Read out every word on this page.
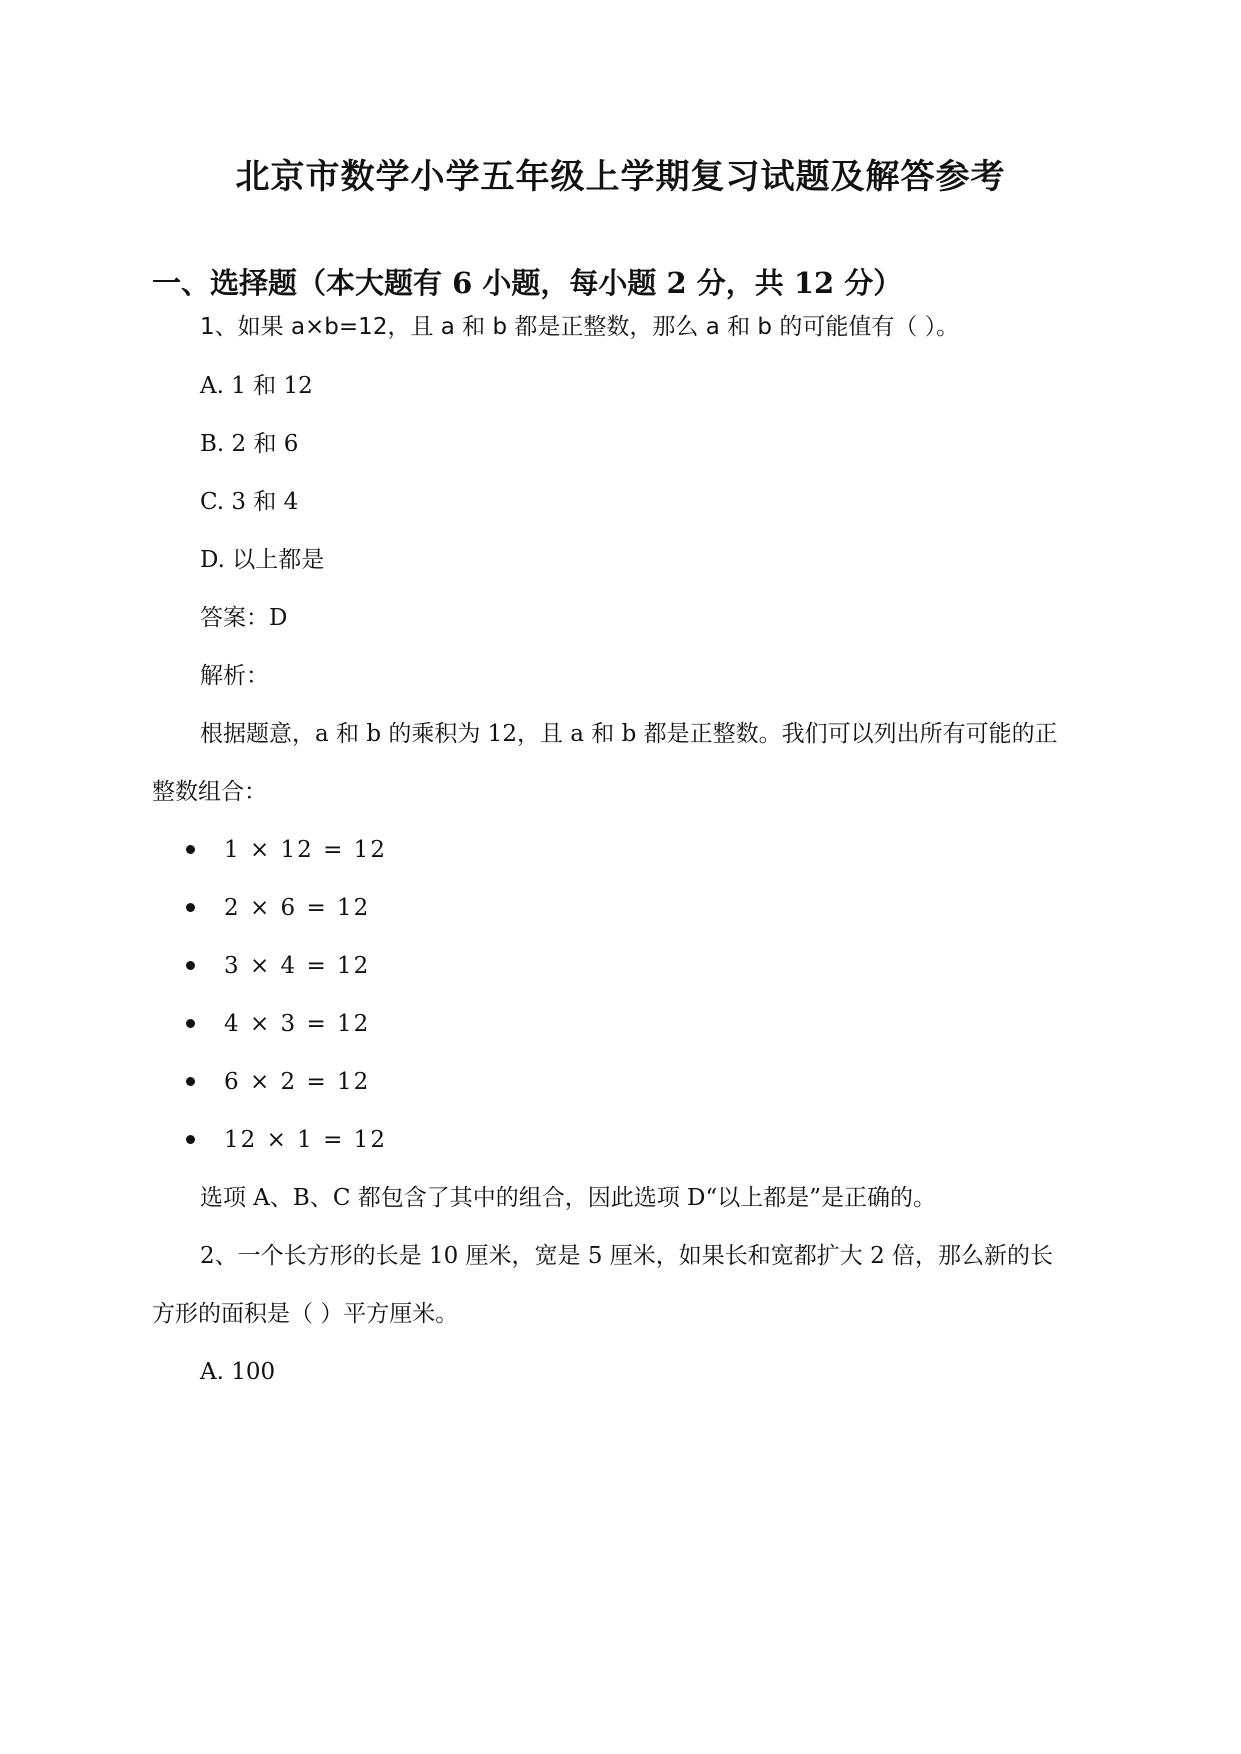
北京市数学小学五年级上学期复习试题及解答参考
一、选择题（本大题有 6 小题，每小题 2 分，共 12 分）
1、如果 a×b=12，且 a 和 b 都是正整数，那么 a 和 b 的可能值有（ ）。
A. 1 和 12
B. 2 和 6
C. 3 和 4
D. 以上都是
答案：D
解析：
根据题意，a 和 b 的乘积为 12，且 a 和 b 都是正整数。我们可以列出所有可能的正
整数组合：
1 × 12 = 12
2 × 6 = 12
3 × 4 = 12
4 × 3 = 12
6 × 2 = 12
12 × 1 = 12
选项 A、B、C 都包含了其中的组合，因此选项 D“以上都是”是正确的。
2、一个长方形的长是 10 厘米，宽是 5 厘米，如果长和宽都扩大 2 倍，那么新的长
方形的面积是（ ）平方厘米。
A. 100
